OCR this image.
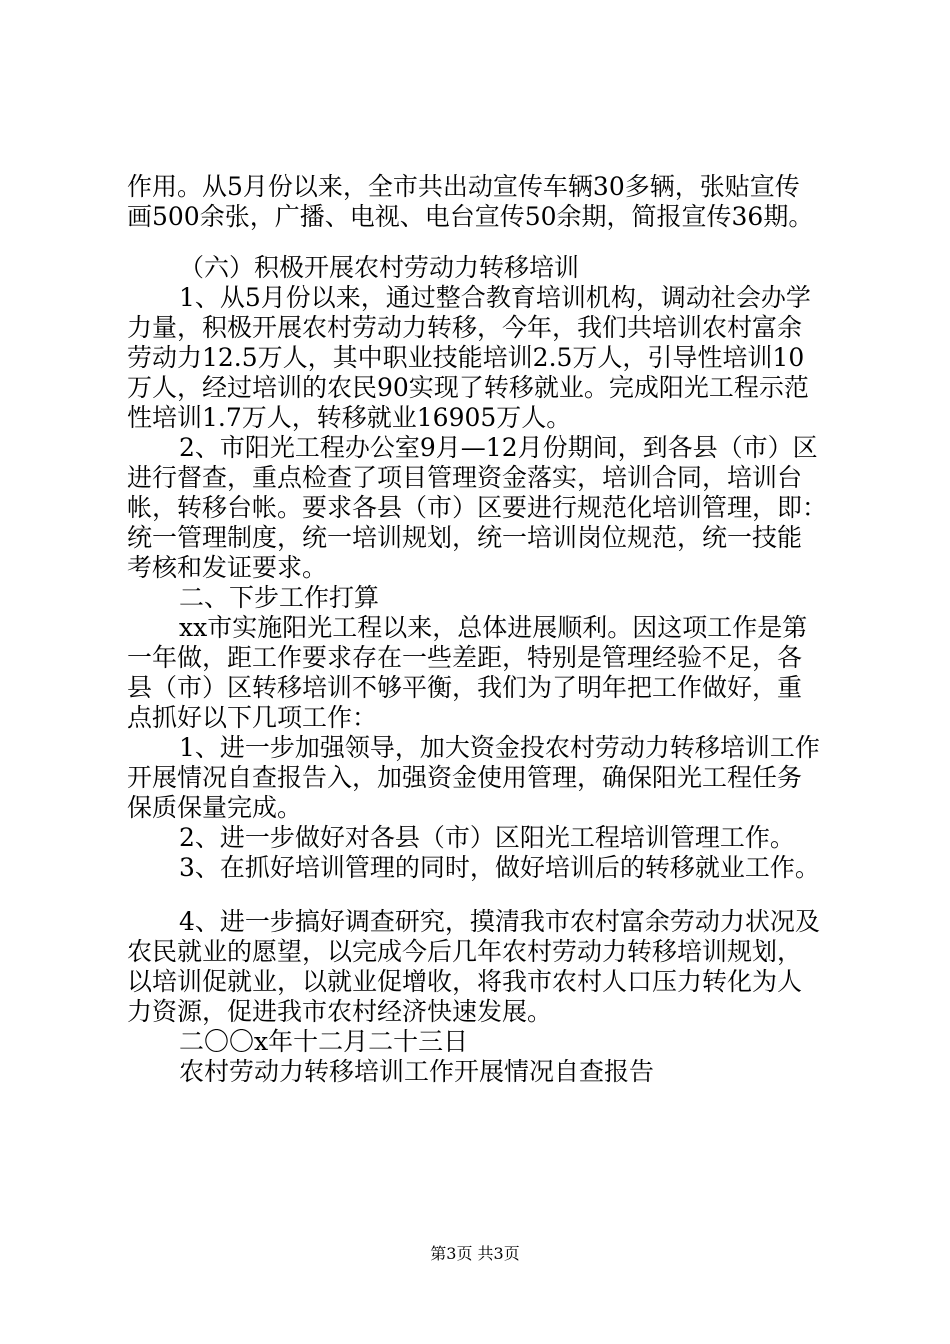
作用。从5月份以来，全市共出动宣传车辆30多辆，张贴宣传

画500余张，广播、电视、电台宣传50余期，简报宣传36期。

（六）积极开展农村劳动力转移培训

1、从5月份以来，通过整合教育培训机构，调动社会办学

力量，积极开展农村劳动力转移，今年，我们共培训农村富余

劳动力12.5万人，其中职业技能培训2.5万人，引导性培训10

万人，经过培训的农民90实现了转移就业。完成阳光工程示范

性培训1.7万人，转移就业16905万人。

2、市阳光工程办公室9月—12月份期间，到各县（市）区

进行督查，重点检查了项目管理资金落实，培训合同，培训台

帐，转移台帐。要求各县（市）区要进行规范化培训管理，即：

统一管理制度，统一培训规划，统一培训岗位规范，统一技能

考核和发证要求。

二、下步工作打算

xx市实施阳光工程以来，总体进展顺利。因这项工作是第

一年做，距工作要求存在一些差距，特别是管理经验不足，各

县（市）区转移培训不够平衡，我们为了明年把工作做好，重

点抓好以下几项工作：

1、进一步加强领导，加大资金投农村劳动力转移培训工作

开展情况自查报告入，加强资金使用管理，确保阳光工程任务

保质保量完成。

2、进一步做好对各县（市）区阳光工程培训管理工作。

3、在抓好培训管理的同时，做好培训后的转移就业工作。

4、进一步搞好调查研究，摸清我市农村富余劳动力状况及

农民就业的愿望，以完成今后几年农村劳动力转移培训规划，

以培训促就业，以就业促增收，将我市农村人口压力转化为人

力资源，促进我市农村经济快速发展。

二〇〇x年十二月二十三日

农村劳动力转移培训工作开展情况自查报告

第3页 共3页
